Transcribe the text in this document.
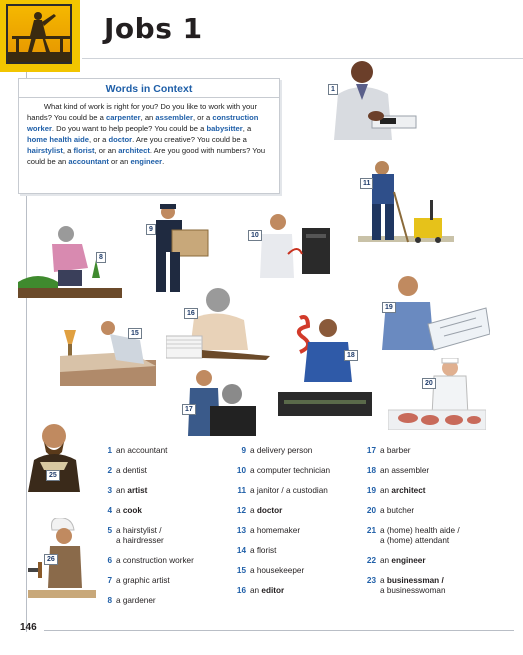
Jobs 1
Words in Context

What kind of work is right for you? Do you like to work with your hands? You could be a carpenter, an assembler, or a construction worker. Do you want to help people? You could be a babysitter, a home health aide, or a doctor. Are you creative? You could be a hairstylist, a florist, or an architect. Are you good with numbers? You could be an accountant or an engineer.

1
11
8
9
10
15
16
19
18
17
20
25
26
1 an accountant
2 a dentist
3 an artist
4 a cook
5 a hairstylist /
a hairdresser
6 a construction worker
7 a graphic artist
8 a gardener
9 a delivery person
10 a computer technician
11 a janitor / a custodian
12 a doctor
13 a homemaker
14 a florist
15 a housekeeper
16 an editor
17 a barber
18 an assembler
19 an architect
20 a butcher
21 a (home) health aide /
a (home) attendant
22 an engineer
23 a businessman /
a businesswoman
146
